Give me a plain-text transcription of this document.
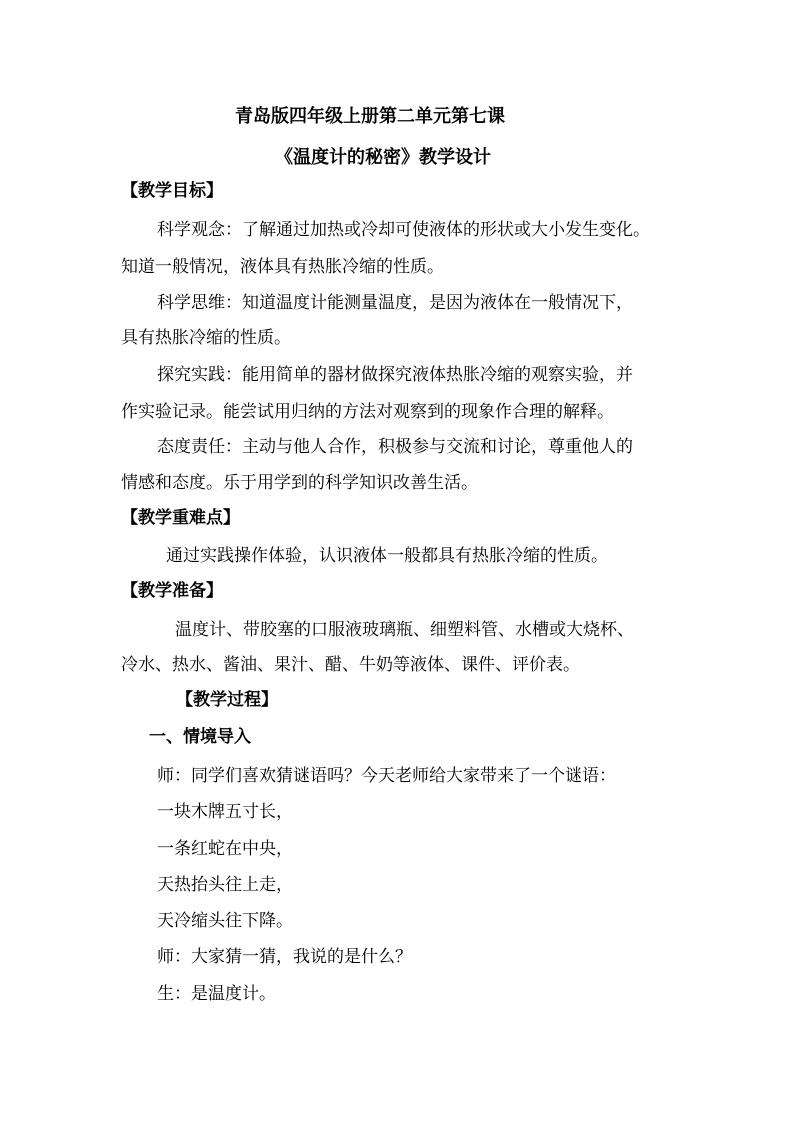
青岛版四年级上册第二单元第七课

《温度计的秘密》教学设计

【教学目标】

科学观念：了解通过加热或冷却可使液体的形状或大小发生变化。

知道一般情况，液体具有热胀冷缩的性质。

科学思维：知道温度计能测量温度，是因为液体在一般情况下，

具有热胀冷缩的性质。

探究实践：能用简单的器材做探究液体热胀冷缩的观察实验，并

作实验记录。能尝试用归纳的方法对观察到的现象作合理的解释。

态度责任：主动与他人合作，积极参与交流和讨论，尊重他人的

情感和态度。乐于用学到的科学知识改善生活。

【教学重难点】

通过实践操作体验，认识液体一般都具有热胀冷缩的性质。

【教学准备】

温度计、带胶塞的口服液玻璃瓶、细塑料管、水槽或大烧杯、

冷水、热水、酱油、果汁、醋、牛奶等液体、课件、评价表。

【教学过程】

一、情境导入

师：同学们喜欢猜谜语吗？今天老师给大家带来了一个谜语：

一块木牌五寸长，

一条红蛇在中央，

天热抬头往上走，

天冷缩头往下降。

师：大家猜一猜，我说的是什么？

生：是温度计。
